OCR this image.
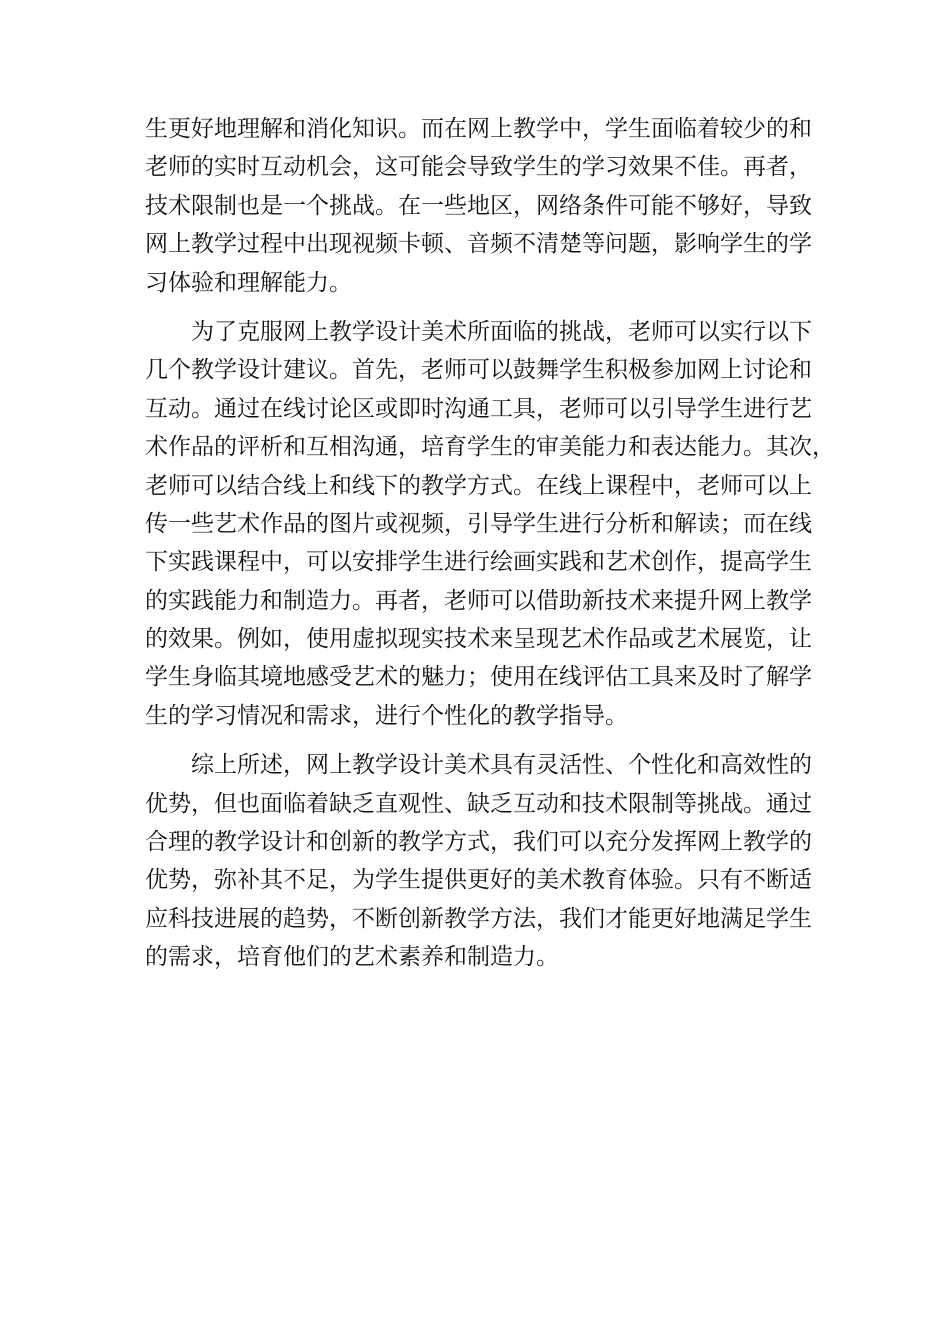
生更好地理解和消化知识。而在网上教学中，学生面临着较少的和
老师的实时互动机会，这可能会导致学生的学习效果不佳。再者，
技术限制也是一个挑战。在一些地区，网络条件可能不够好，导致
网上教学过程中出现视频卡顿、音频不清楚等问题，影响学生的学
习体验和理解能力。
为了克服网上教学设计美术所面临的挑战，老师可以实行以下
几个教学设计建议。首先，老师可以鼓舞学生积极参加网上讨论和
互动。通过在线讨论区或即时沟通工具，老师可以引导学生进行艺
术作品的评析和互相沟通，培育学生的审美能力和表达能力。其次，
老师可以结合线上和线下的教学方式。在线上课程中，老师可以上
传一些艺术作品的图片或视频，引导学生进行分析和解读；而在线
下实践课程中，可以安排学生进行绘画实践和艺术创作，提高学生
的实践能力和制造力。再者，老师可以借助新技术来提升网上教学
的效果。例如，使用虚拟现实技术来呈现艺术作品或艺术展览，让
学生身临其境地感受艺术的魅力；使用在线评估工具来及时了解学
生的学习情况和需求，进行个性化的教学指导。
综上所述，网上教学设计美术具有灵活性、个性化和高效性的
优势，但也面临着缺乏直观性、缺乏互动和技术限制等挑战。通过
合理的教学设计和创新的教学方式，我们可以充分发挥网上教学的
优势，弥补其不足，为学生提供更好的美术教育体验。只有不断适
应科技进展的趋势，不断创新教学方法，我们才能更好地满足学生
的需求，培育他们的艺术素养和制造力。
